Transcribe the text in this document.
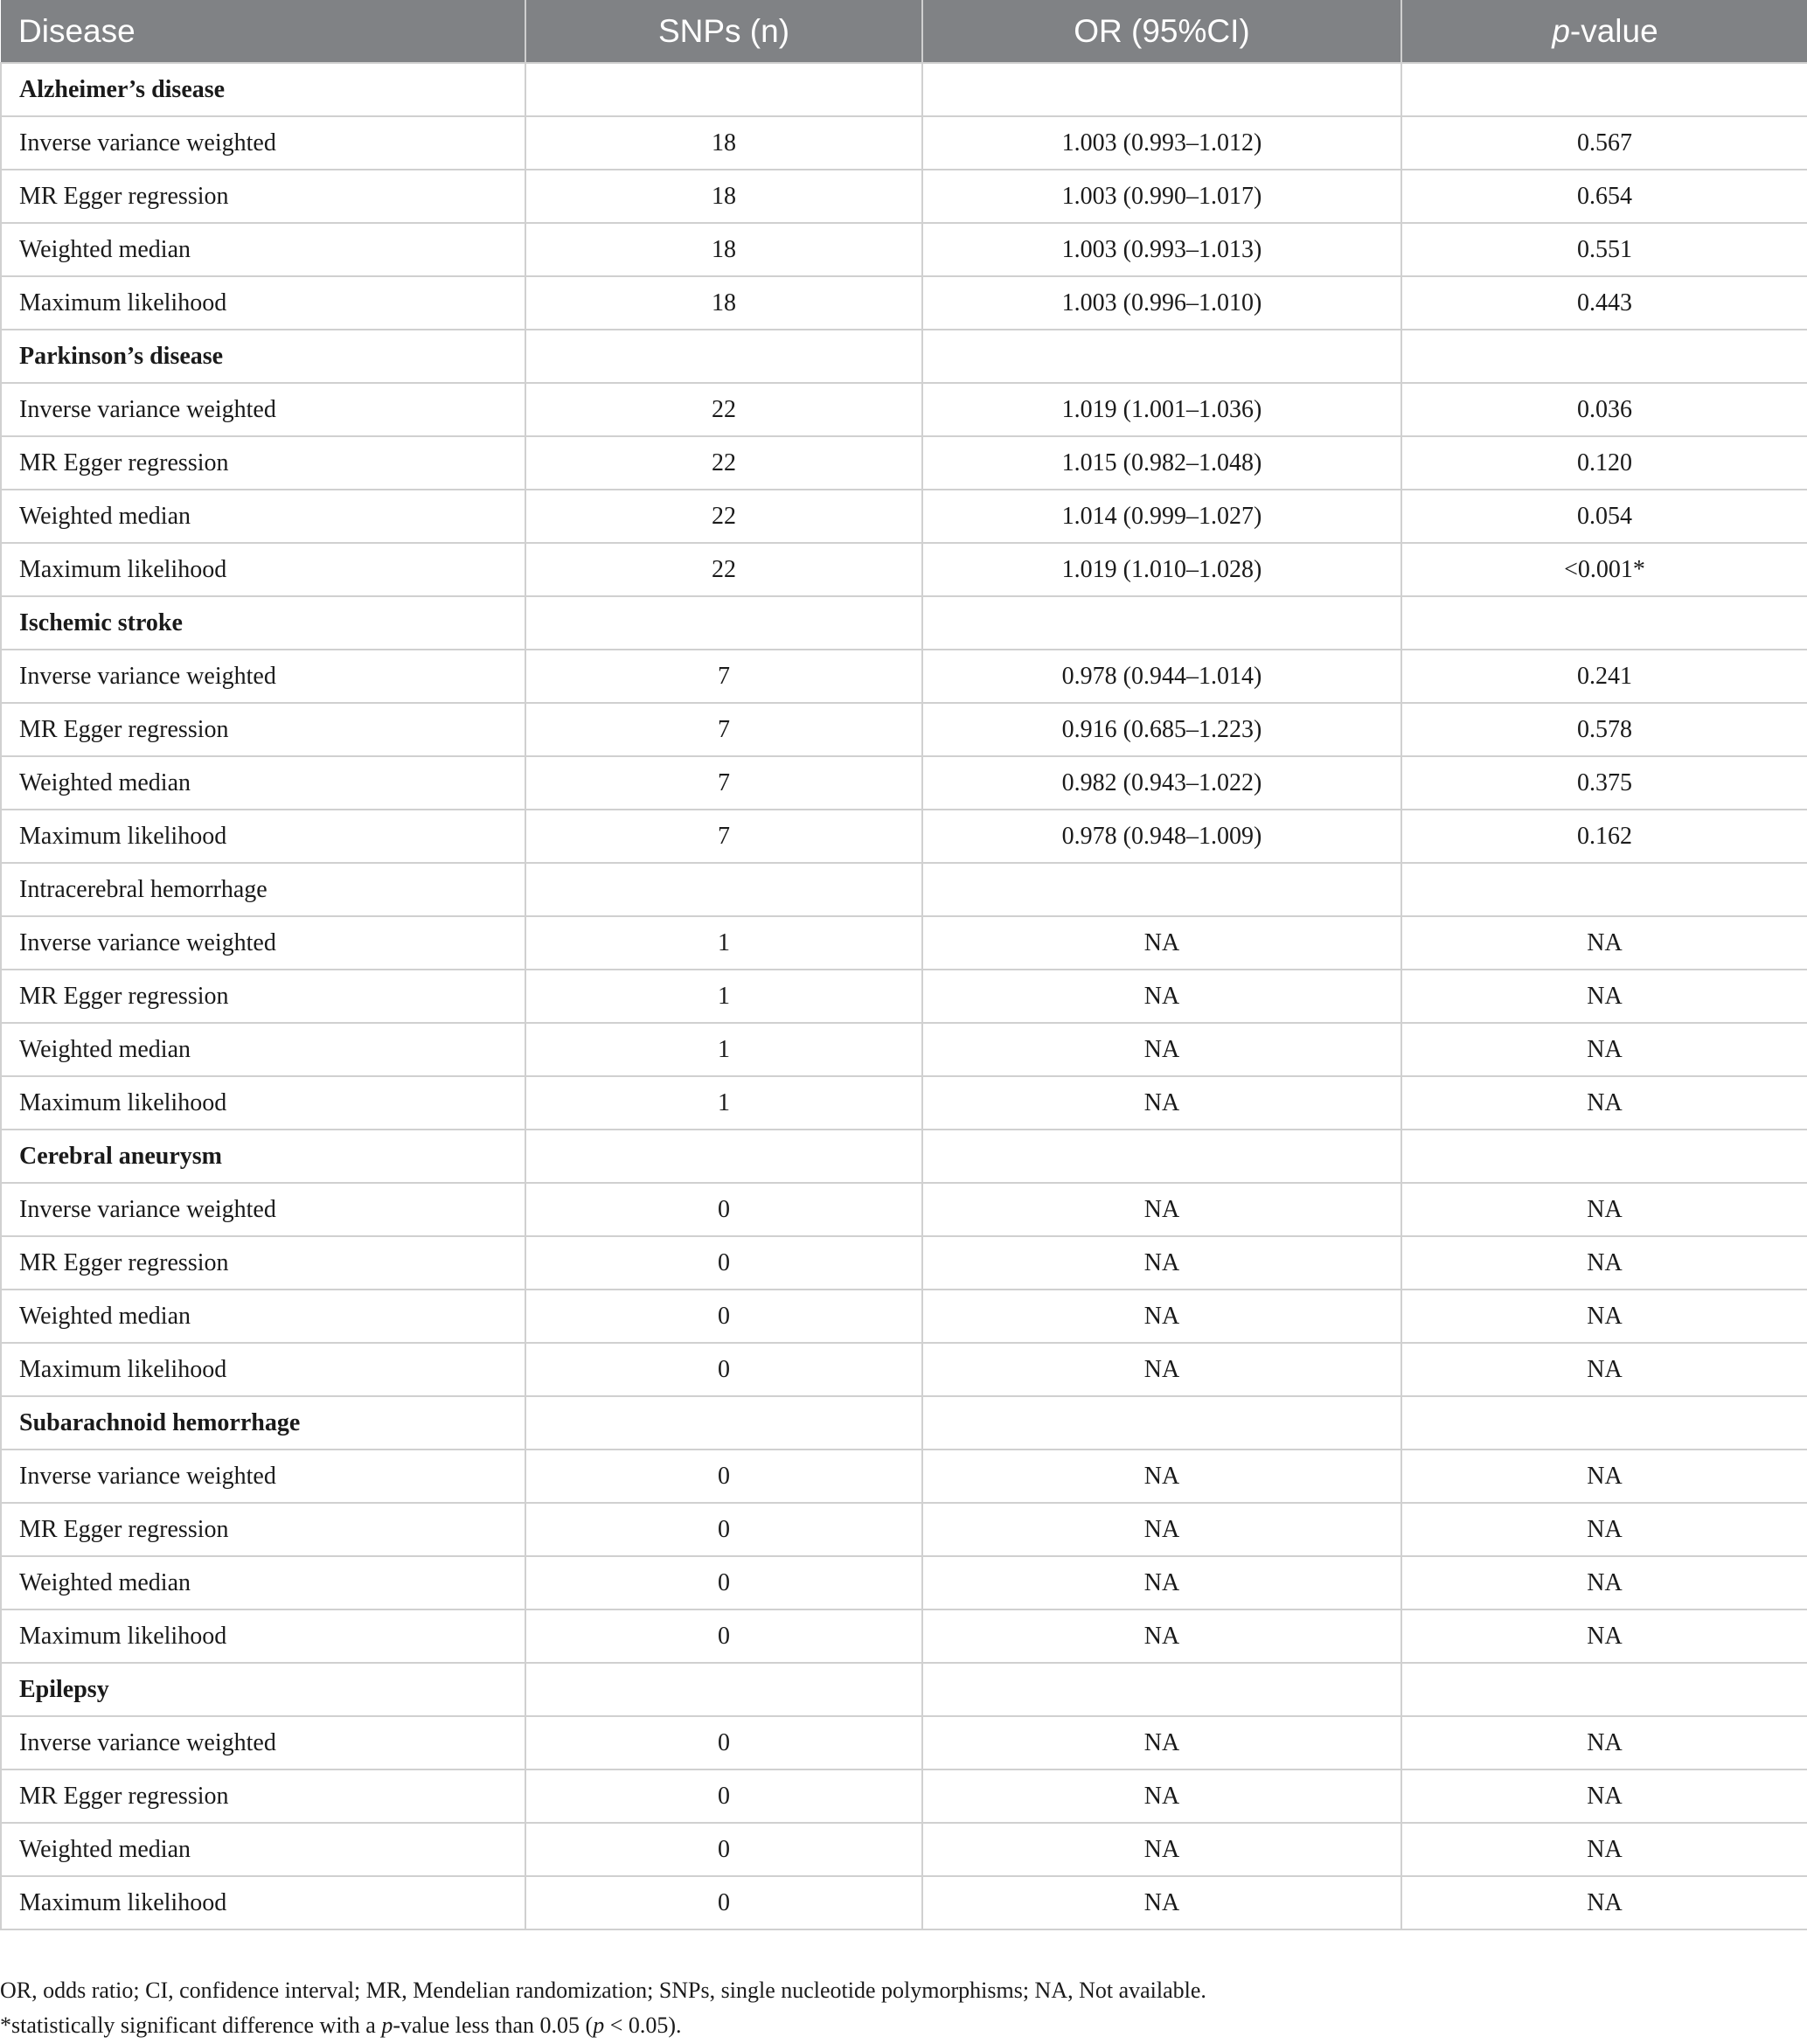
Disease	SNPs (n)	OR (95%CI)	p-value
Alzheimer’s disease			
Inverse variance weighted	18	1.003 (0.993–1.012)	0.567
MR Egger regression	18	1.003 (0.990–1.017)	0.654
Weighted median	18	1.003 (0.993–1.013)	0.551
Maximum likelihood	18	1.003 (0.996–1.010)	0.443
Parkinson’s disease			
Inverse variance weighted	22	1.019 (1.001–1.036)	0.036
MR Egger regression	22	1.015 (0.982–1.048)	0.120
Weighted median	22	1.014 (0.999–1.027)	0.054
Maximum likelihood	22	1.019 (1.010–1.028)	<0.001*
Ischemic stroke			
Inverse variance weighted	7	0.978 (0.944–1.014)	0.241
MR Egger regression	7	0.916 (0.685–1.223)	0.578
Weighted median	7	0.982 (0.943–1.022)	0.375
Maximum likelihood	7	0.978 (0.948–1.009)	0.162
Intracerebral hemorrhage			
Inverse variance weighted	1	NA	NA
MR Egger regression	1	NA	NA
Weighted median	1	NA	NA
Maximum likelihood	1	NA	NA
Cerebral aneurysm			
Inverse variance weighted	0	NA	NA
MR Egger regression	0	NA	NA
Weighted median	0	NA	NA
Maximum likelihood	0	NA	NA
Subarachnoid hemorrhage			
Inverse variance weighted	0	NA	NA
MR Egger regression	0	NA	NA
Weighted median	0	NA	NA
Maximum likelihood	0	NA	NA
Epilepsy			
Inverse variance weighted	0	NA	NA
MR Egger regression	0	NA	NA
Weighted median	0	NA	NA
Maximum likelihood	0	NA	NA
OR, odds ratio; CI, confidence interval; MR, Mendelian randomization; SNPs, single nucleotide polymorphisms; NA, Not available.
*statistically significant difference with a p-value less than 0.05 (p < 0.05).
